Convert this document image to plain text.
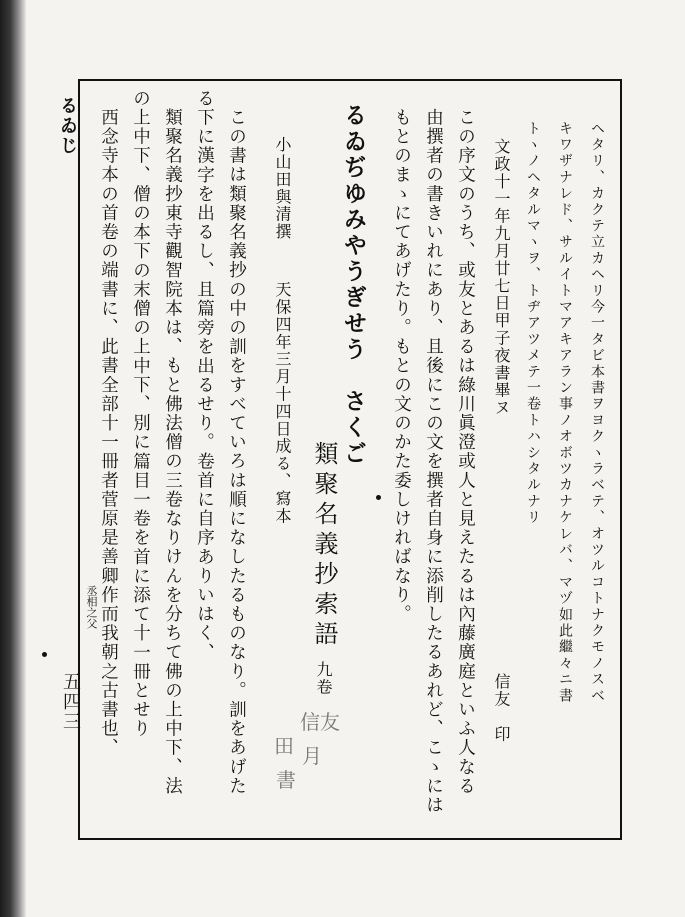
るゐじ
五四三	ヘタリ、カクテ立カヘリ今一タビ本書ヲヨクヽラベテ、オツルコトナクモノスベ
キワザナレド、サルイトマアキアラン事ノオボツカナケレバ、マヅ如此繼々ニ書
トヽノヘタルマヽヲ、トヂアツメテ一卷トハシタルナリ
文政十一年九月廿七日甲子夜書畢ヌ
信友　印
この序文のうち、或友とあるは綠川眞澄或人と見えたるは內藤廣庭といふ人なる
由撰者の書きいれにあり、且後にこの文を撰者自身に添削したるあれど、こゝには
もとのまゝにてあげたり。もとの文のかた委しければなり。
るゐぢゆみやうぎせう　さくご
類聚名義抄索語
九卷
小山田與清撰
天保四年三月十四日成る、寫本
この書は類聚名義抄の中の訓をすべていろは順になしたるものなり。訓をあげた
る下に漢字を出るし、且篇旁を出るせり。卷首に自序ありいはく、
類聚名義抄東寺觀智院本は、もと佛法僧の三卷なりけんを分ちて佛の上中下、法
の上中下、僧の本下の末僧の上中下、別に篇目一卷を首に添て十一冊とせり
西念寺本の首卷の端書に、此書全部十一冊者菅原是善卿作而我朝之古書也、
丞相之父
信友
田 月
書
